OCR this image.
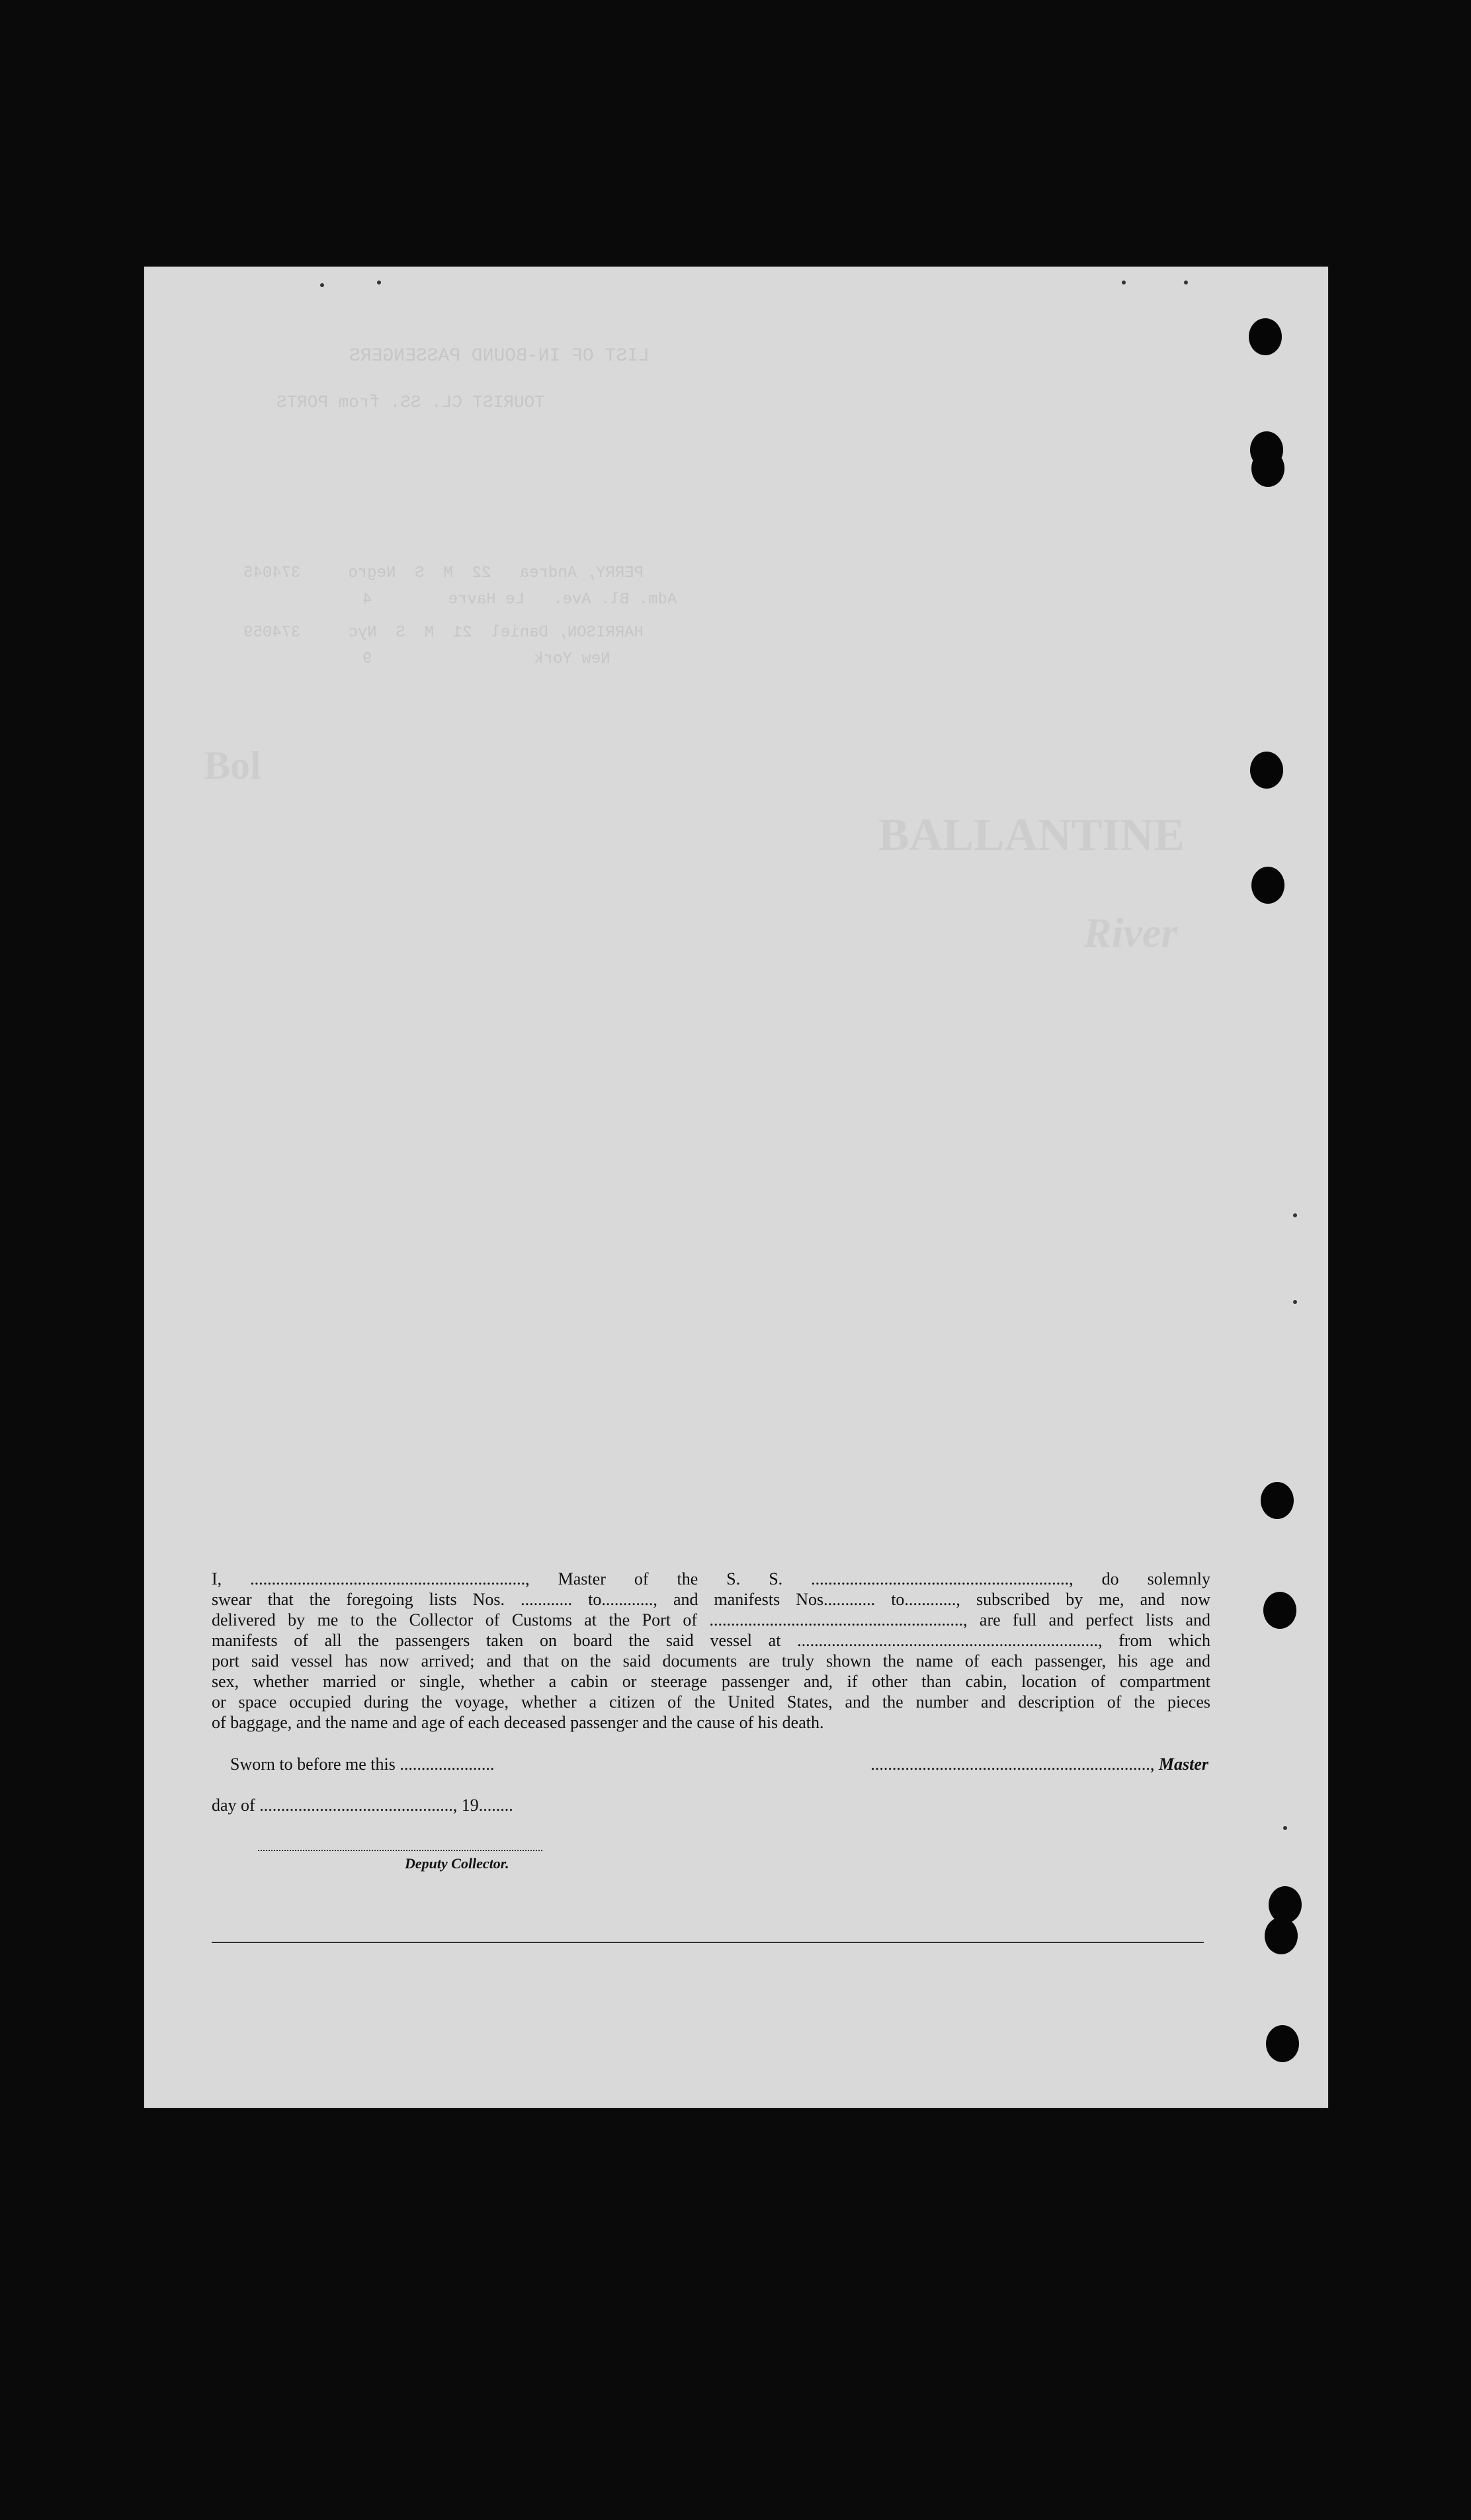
LIST OF IN-BOUND PASSENGERS
TOURIST CL. SS. from PORTS
PERRY, Andrea   22  M  S  Negro     374045
Adm. Bl. Ave.   Le Havre        4
HARRISON, Daniel  21  M  S  Nyc     374059
New York                 9
Bol
BALLANTINE
River
I, ................................................................, Master of the S. S. ............................................................, do solemnly
swear that the foregoing lists Nos. ............ to............, and manifests Nos............ to............, subscribed by me, and now
delivered by me to the Collector of Customs at the Port of ..........................................................., are full and perfect lists and
manifests of all the passengers taken on board the said vessel at ......................................................................, from which
port said vessel has now arrived; and that on the said documents are truly shown the name of each passenger, his age and
sex, whether married or single, whether a cabin or steerage passenger and, if other than cabin, location of compartment
or space occupied during the voyage, whether a citizen of the United States, and the number and description of the pieces
of baggage, and the name and age of each deceased passenger and the cause of his death.
Sworn to before me this ......................	................................................................., Master
day of ............................................., 19........
Deputy Collector.
